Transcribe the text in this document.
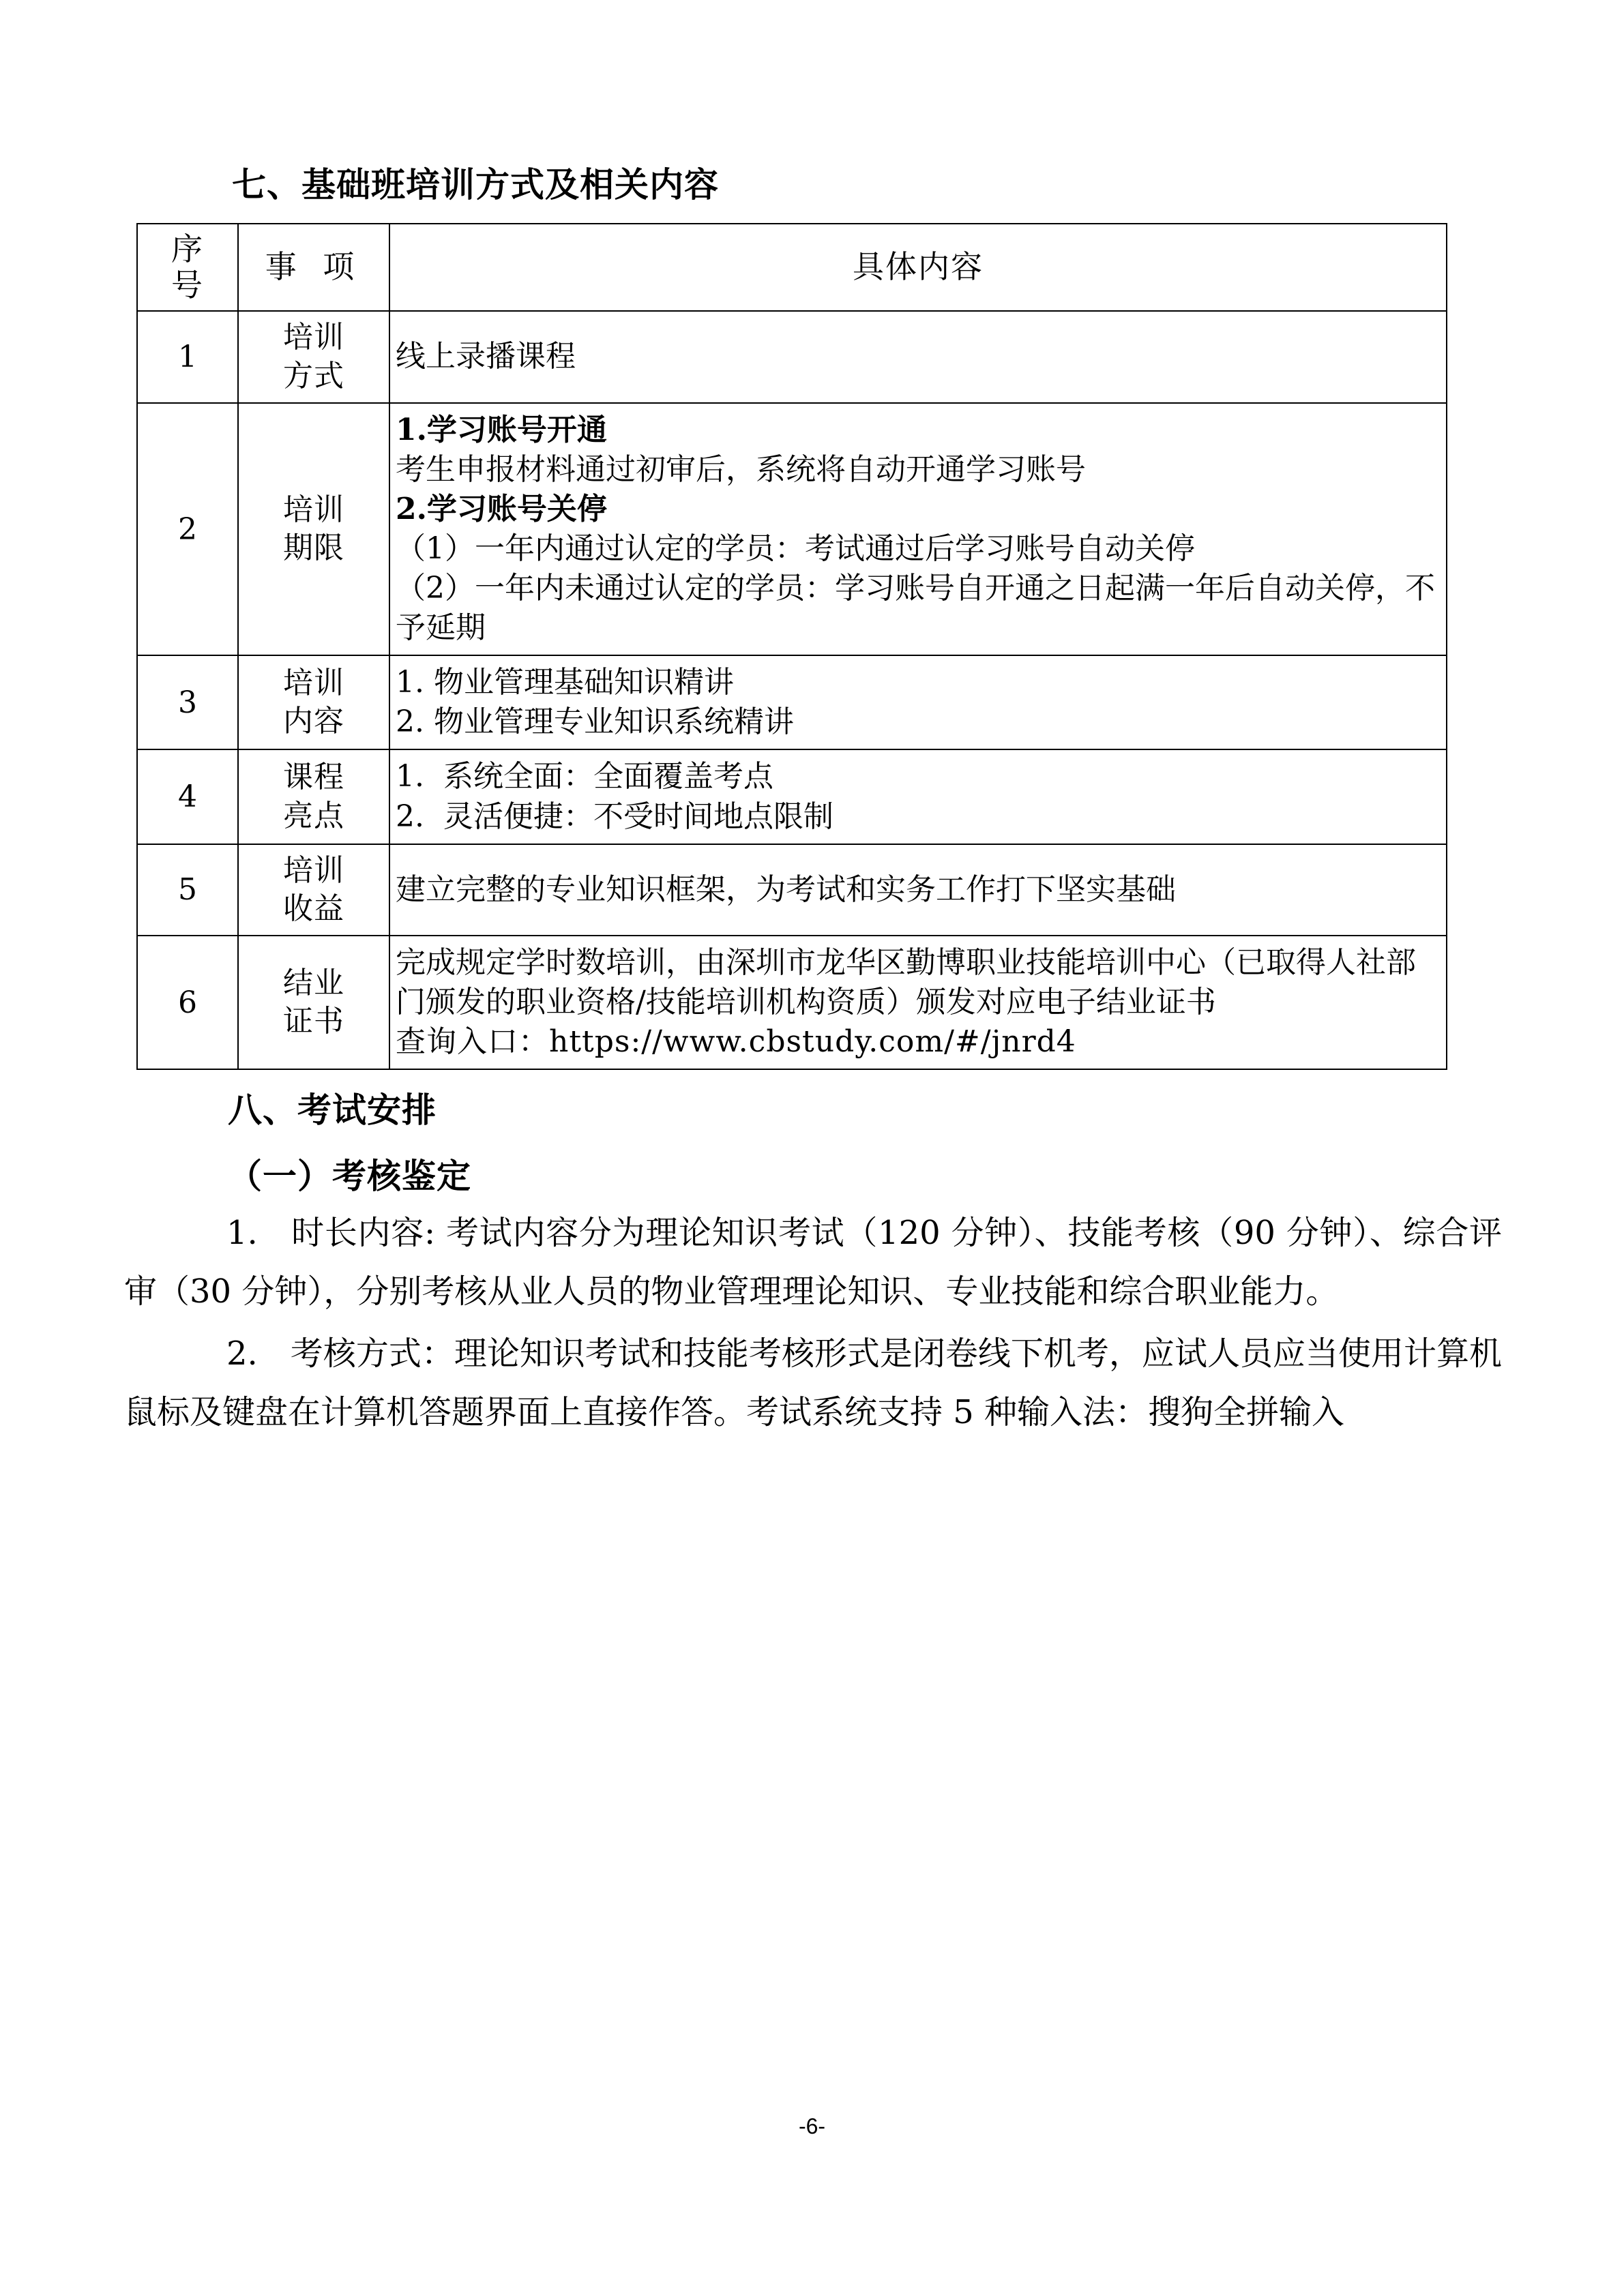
七、基础班培训方式及相关内容
序
号	事 项	具体内容
1	培训
方式	线上录播课程

2	培训
期限	1.学习账号开通
考生申报材料通过初审后，系统将自动开通学习账号
2.学习账号关停
（1）一年内通过认定的学员：考试通过后学习账号自动关停
（2）一年内未通过认定的学员：学习账号自开通之日起满一年后自动关停，不予延期

3	培训
内容	1. 物业管理基础知识精讲
2. 物业管理专业知识系统精讲

4	课程
亮点	1.  系统全面：全面覆盖考点
2.  灵活便捷：不受时间地点限制

5	培训
收益	建立完整的专业知识框架，为考试和实务工作打下坚实基础

6	结业
证书	完成规定学时数培训，由深圳市龙华区勤博职业技能培训中心（已取得人社部门颁发的职业资格/技能培训机构资质）颁发对应电子结业证书
查询入口：https://www.cbstudy.com/#/jnrd4
八、考试安排
（一）考核鉴定

1.　时长内容: 考试内容分为理论知识考试（120 分钟）、技能考核（90 分钟）、综合评审（30 分钟），分别考核从业人员的物业管理理论知识、专业技能和综合职业能力。

2.　考核方式：理论知识考试和技能考核形式是闭卷线下机考，应试人员应当使用计算机鼠标及键盘在计算机答题界面上直接作答。考试系统支持 5 种输入法：搜狗全拼输入

-6-
